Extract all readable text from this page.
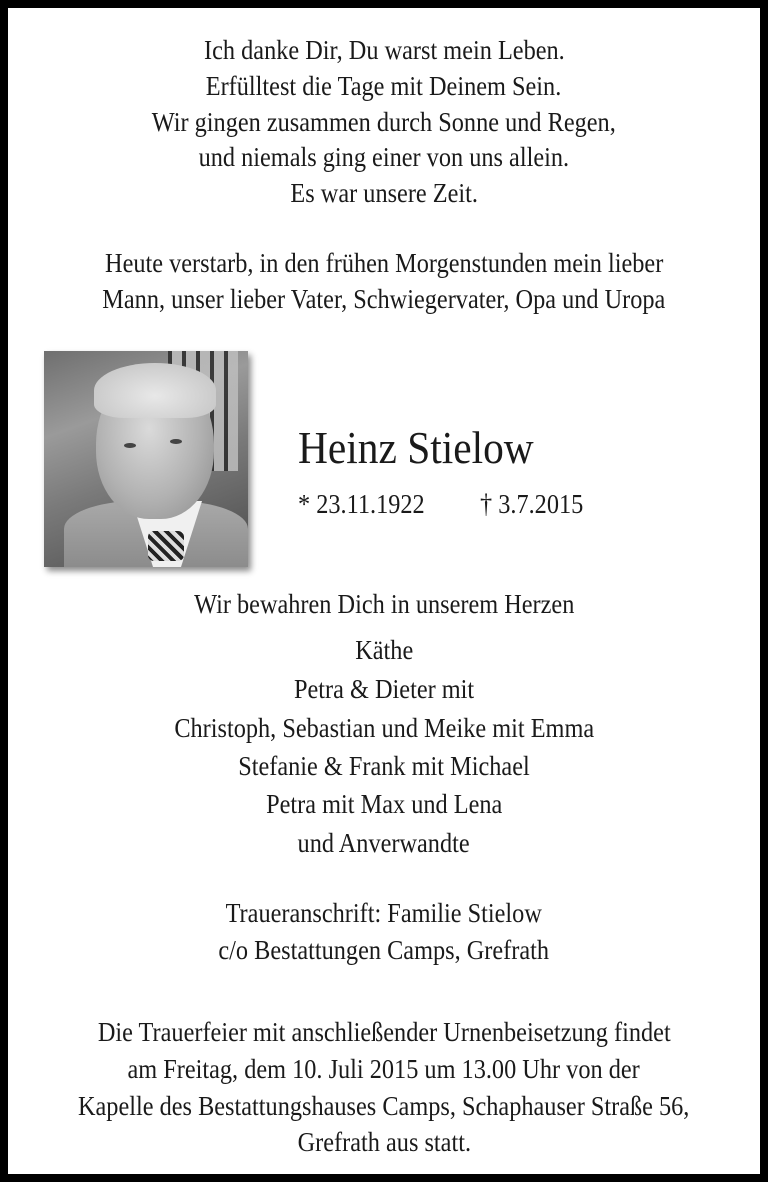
Ich danke Dir, Du warst mein Leben.
Erfülltest die Tage mit Deinem Sein.
Wir gingen zusammen durch Sonne und Regen,
und niemals ging einer von uns allein.
Es war unsere Zeit.
Heute verstarb, in den frühen Morgenstunden mein lieber
Mann, unser lieber Vater, Schwiegervater, Opa und Uropa
Heinz Stielow
* 23.11.1922	† 3.7.2015
Wir bewahren Dich in unserem Herzen
Käthe
Petra & Dieter mit
Christoph, Sebastian und Meike mit Emma
Stefanie & Frank mit Michael
Petra mit Max und Lena
und Anverwandte
Traueranschrift: Familie Stielow
c/o Bestattungen Camps, Grefrath
Die Trauerfeier mit anschließender Urnenbeisetzung findet
am Freitag, dem 10. Juli 2015 um 13.00 Uhr von der
Kapelle des Bestattungshauses Camps, Schaphauser Straße 56,
Grefrath aus statt.
